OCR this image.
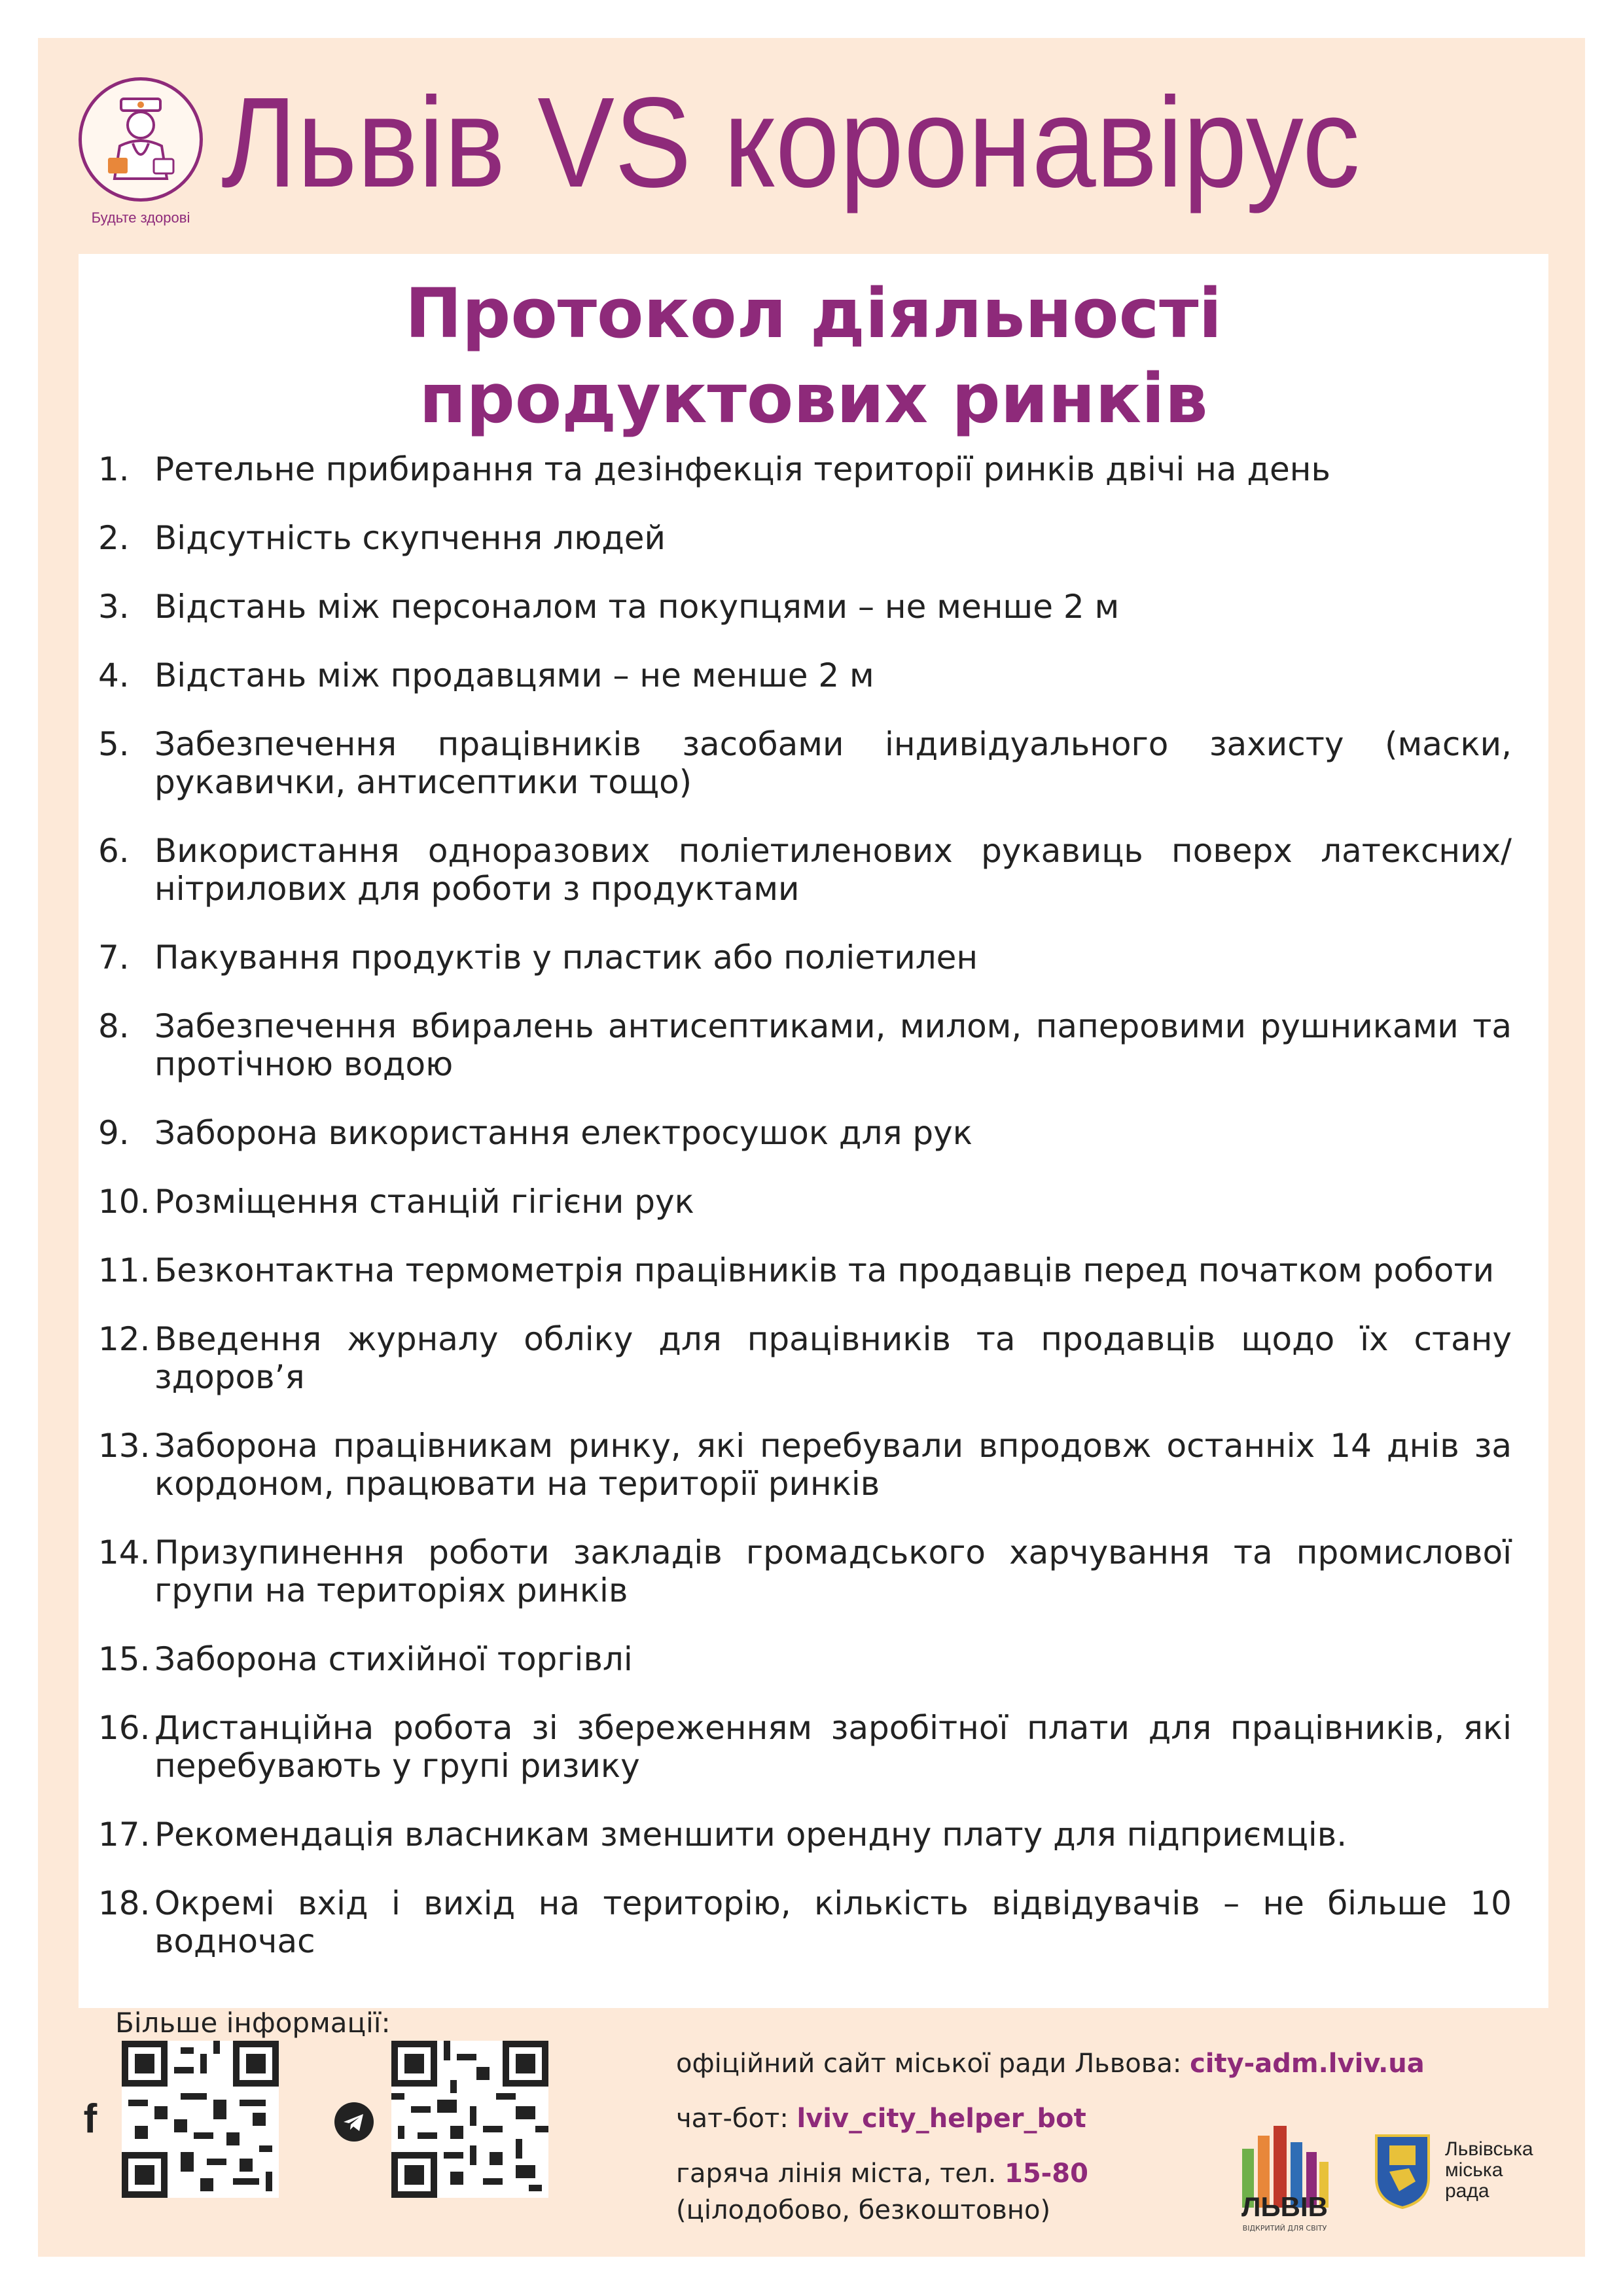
Будьте здорові
Львів VS коронавірус
Протокол діяльності
продуктових ринків
1. Ретельне прибирання та дезінфекція території ринків двічі на день
2. Відсутність скупчення людей
3. Відстань між персоналом та покупцями – не менше 2 м
4. Відстань між продавцями – не менше 2 м
5. Забезпечення працівників засобами індивідуального захисту (маски, рукавички, антисептики тощо)
6. Використання одноразових поліетиленових рукавиць поверх латексних/ нітрилових для роботи з продуктами
7. Пакування продуктів у пластик або поліетилен
8. Забезпечення вбиралень антисептиками, милом, паперовими рушниками та протічною водою
9. Заборона використання електросушок для рук
10. Розміщення станцій гігієни рук
11. Безконтактна термометрія працівників та продавців перед початком роботи
12. Введення журналу обліку для працівників та продавців щодо їх стану здоров’я
13. Заборона працівникам ринку, які перебували впродовж останніх 14 днів за кордоном, працювати на території ринків
14. Призупинення роботи закладів громадського харчування та промислової групи на територіях ринків
15. Заборона стихійної торгівлі
16. Дистанційна робота зі збереженням заробітної плати для працівників, які перебувають у групі ризику
17. Рекомендація власникам зменшити орендну плату для підприємців.
18. Окремі вхід і вихід на територію, кількість відвідувачів – не більше 10 водночас
Більше інформації:
f
офіційний сайт міської ради Львова: city-adm.lviv.ua
чат-бот: lviv_city_helper_bot
гаряча лінія міста, тел. 15-80
(цілодобово, безкоштовно)	ЛЬВІВ
ВІДКРИТИЙ ДЛЯ СВІТУ
Львівська міська рада
